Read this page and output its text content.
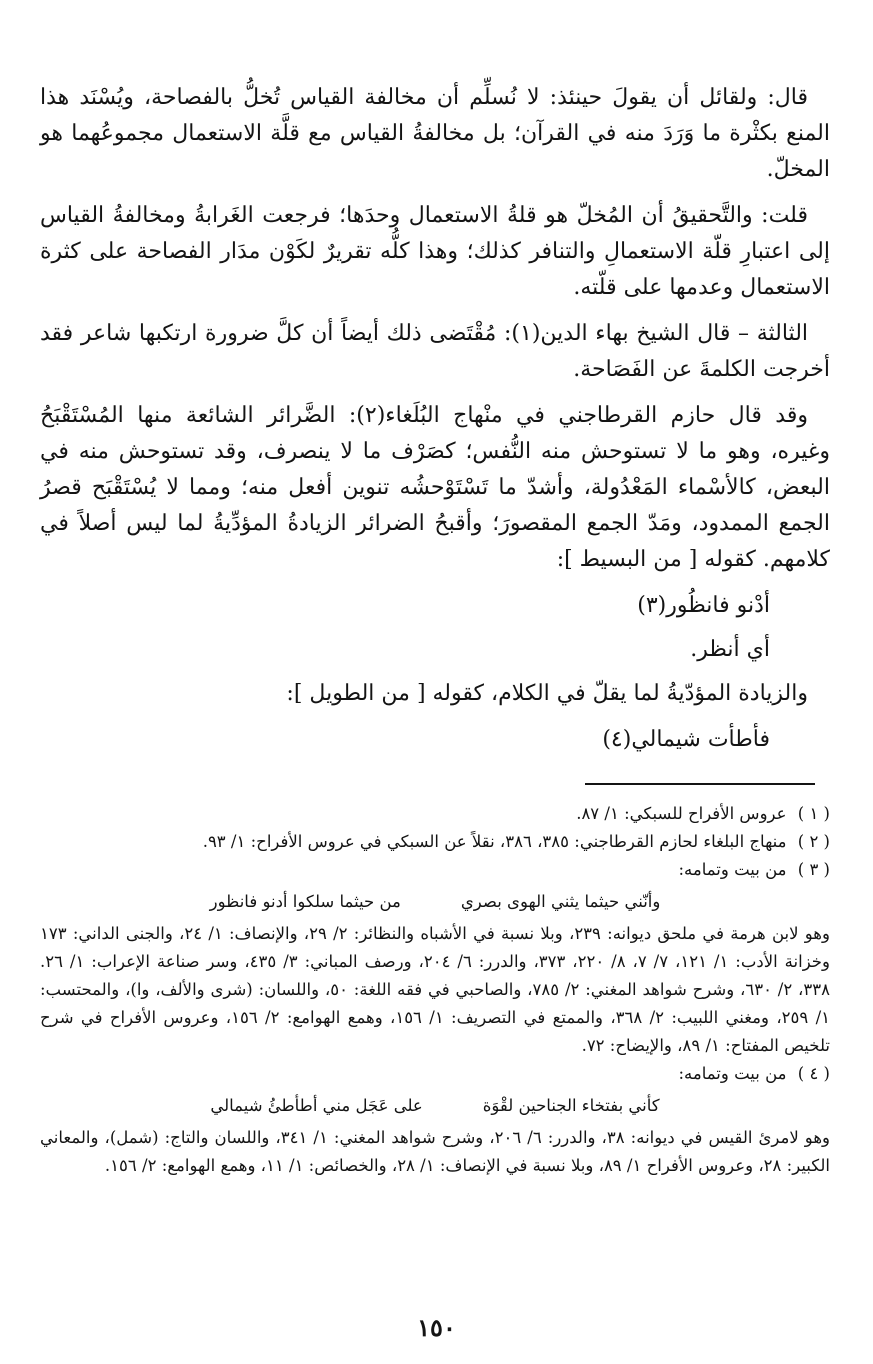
قال: ولقائل أن يقولَ حينئذ: لا نُسلِّم أن مخالفة القياس تُخلُّ بالفصاحة، ويُسْنَد هذا المنع بكثْرة ما وَرَدَ منه في القرآن؛ بل مخالفةُ القياس مع قلَّة الاستعمال مجموعُهما هو المخلّ.

قلت: والتَّحقيقُ أن المُخلّ هو قلةُ الاستعمال وحدَها؛ فرجعت الغَرابةُ ومخالفةُ القياس إلى اعتبارِ قلّة الاستعمالِ والتنافر كذلك؛ وهذا كلُّه تقريرٌ لكَوْن مدَار الفصاحة على كثرة الاستعمال وعدمها على قلّته.

الثالثة – قال الشيخ بهاء الدين(١): مُقْتَضى ذلك أيضاً أن كلَّ ضرورة ارتكبها شاعر فقد أخرجت الكلمةَ عن الفَصَاحة.

وقد قال حازم القرطاجني في منْهاج البُلَغاء(٢): الضَّرائر الشائعة منها المُسْتَقْبَحُ وغيره، وهو ما لا تستوحش منه النُّفس؛ كصَرْف ما لا ينصرف، وقد تستوحش منه في البعض، كالأسْماء المَعْدُولة، وأشدّ ما تَسْتَوْحشُه تنوين أفعل منه؛ ومما لا يُسْتَقْبَح قصرُ الجمع الممدود، ومَدّ الجمع المقصورَ؛ وأقبحُ الضرائر الزيادةُ المؤدِّيةُ لما ليس أصلاً في كلامهم. كقوله [ من البسيط ]:

أدْنو فانظُور(٣)

أي أنظر.

والزيادة المؤدّيةُ لما يقلّ في الكلام، كقوله [ من الطويل ]:

فأطأت شيمالي(٤)

( ١ ) عروس الأفراح للسبكي: ١/ ٨٧.

( ٢ ) منهاج البلغاء لحازم القرطاجني: ٣٨٥، ٣٨٦، نقلاً عن السبكي في عروس الأفراح: ١/ ٩٣.

( ٣ ) من بيت وتمامه:

وأنّني حيثما يثني الهوى بصري
من حيثما سلكوا أدنو فانظور

وهو لابن هرمة في ملحق ديوانه: ٢٣٩، وبلا نسبة في الأشباه والنظائر: ٢/ ٢٩، والإنصاف: ١/ ٢٤، والجنى الداني: ١٧٣ وخزانة الأدب: ١/ ١٢١، ٧/ ٧، ٨/ ٢٢٠، ٣٧٣، والدرر: ٦/ ٢٠٤، ورصف المباني: ٣/ ٤٣٥، وسر صناعة الإعراب: ١/ ٢٦. ٣٣٨، ٢/ ٦٣٠، وشرح شواهد المغني: ٢/ ٧٨٥، والصاحبي في فقه اللغة: ٥٠، واللسان: (شرى والألف، وا)، والمحتسب: ١/ ٢٥٩، ومغني اللبيب: ٢/ ٣٦٨، والممتع في التصريف: ١/ ١٥٦، وهمع الهوامع: ٢/ ١٥٦، وعروس الأفراح في شرح تلخيص المفتاح: ١/ ٨٩، والإيضاح: ٧٢.

( ٤ ) من بيت وتمامه:

كأني بفتخاء الجناحين لقْوَة
على عَجَل مني أطأطئُ شيمالي

وهو لامرئ القيس في ديوانه: ٣٨، والدرر: ٦/ ٢٠٦، وشرح شواهد المغني: ١/ ٣٤١، واللسان والتاج: (شمل)، والمعاني الكبير: ٢٨، وعروس الأفراح ١/ ٨٩، وبلا نسبة في الإنصاف: ١/ ٢٨، والخصائص: ١/ ١١، وهمع الهوامع: ٢/ ١٥٦.

١٥٠
